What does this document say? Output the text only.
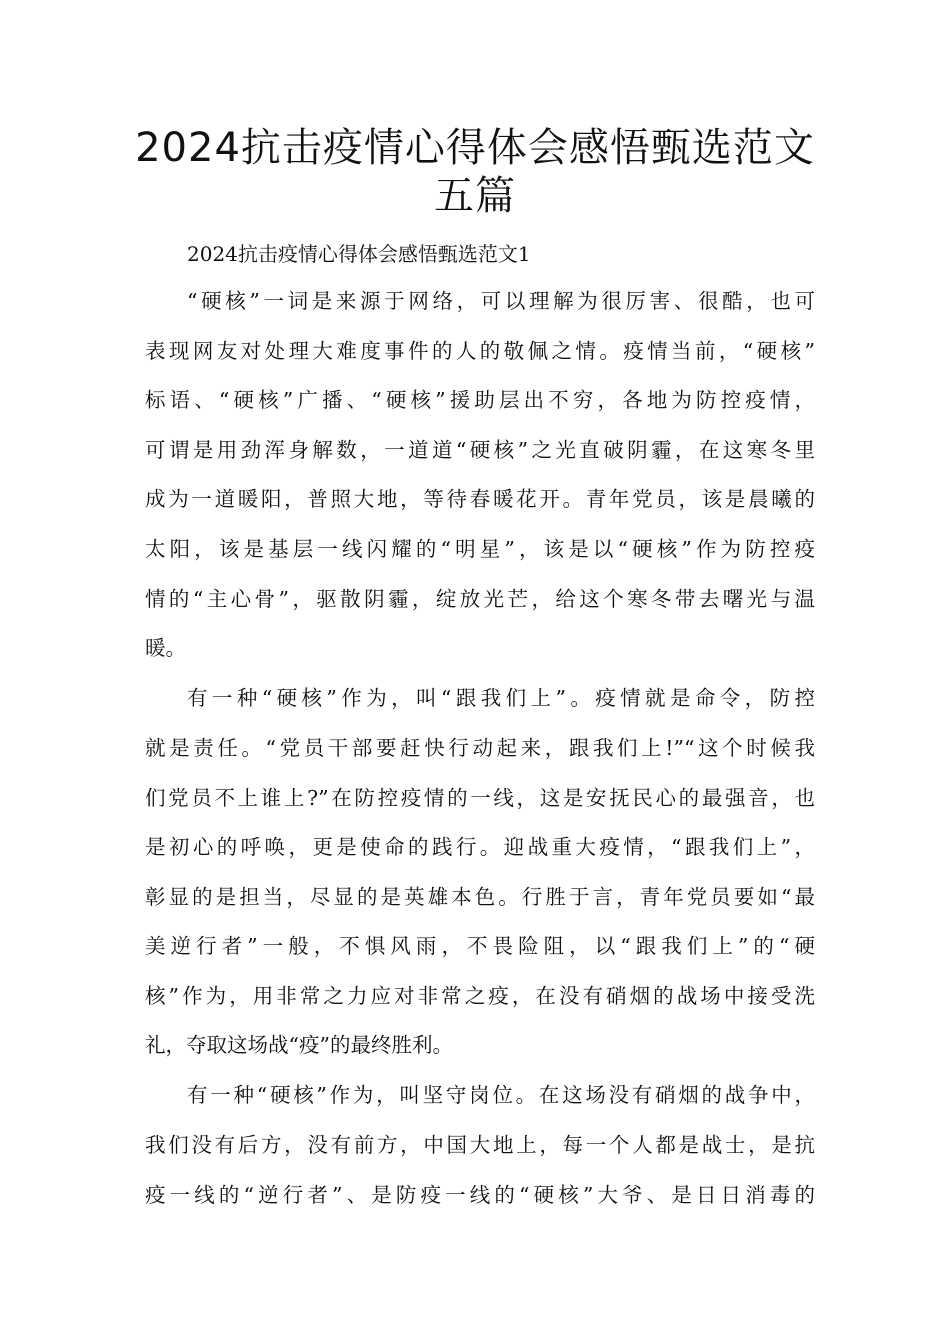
2024抗击疫情心得体会感悟甄选范文五篇

2024抗击疫情心得体会感悟甄选范文1

“硬核”一词是来源于网络，可以理解为很厉害、很酷，也可

表现网友对处理大难度事件的人的敬佩之情。疫情当前，“硬核”

标语、“硬核”广播、“硬核”援助层出不穷，各地为防控疫情，

可谓是用劲浑身解数，一道道“硬核”之光直破阴霾，在这寒冬里

成为一道暖阳，普照大地，等待春暖花开。青年党员，该是晨曦的

太阳，该是基层一线闪耀的“明星”，该是以“硬核”作为防控疫

情的“主心骨”，驱散阴霾，绽放光芒，给这个寒冬带去曙光与温

暖。

有一种“硬核”作为，叫“跟我们上”。疫情就是命令，防控

就是责任。“党员干部要赶快行动起来，跟我们上!”“这个时候我

们党员不上谁上?”在防控疫情的一线，这是安抚民心的最强音，也

是初心的呼唤，更是使命的践行。迎战重大疫情，“跟我们上”，

彰显的是担当，尽显的是英雄本色。行胜于言，青年党员要如“最

美逆行者”一般，不惧风雨，不畏险阻，以“跟我们上”的“硬

核”作为，用非常之力应对非常之疫，在没有硝烟的战场中接受洗

礼，夺取这场战“疫”的最终胜利。

有一种“硬核”作为，叫坚守岗位。在这场没有硝烟的战争中，

我们没有后方，没有前方，中国大地上，每一个人都是战士，是抗

疫一线的“逆行者”、是防疫一线的“硬核”大爷、是日日消毒的
